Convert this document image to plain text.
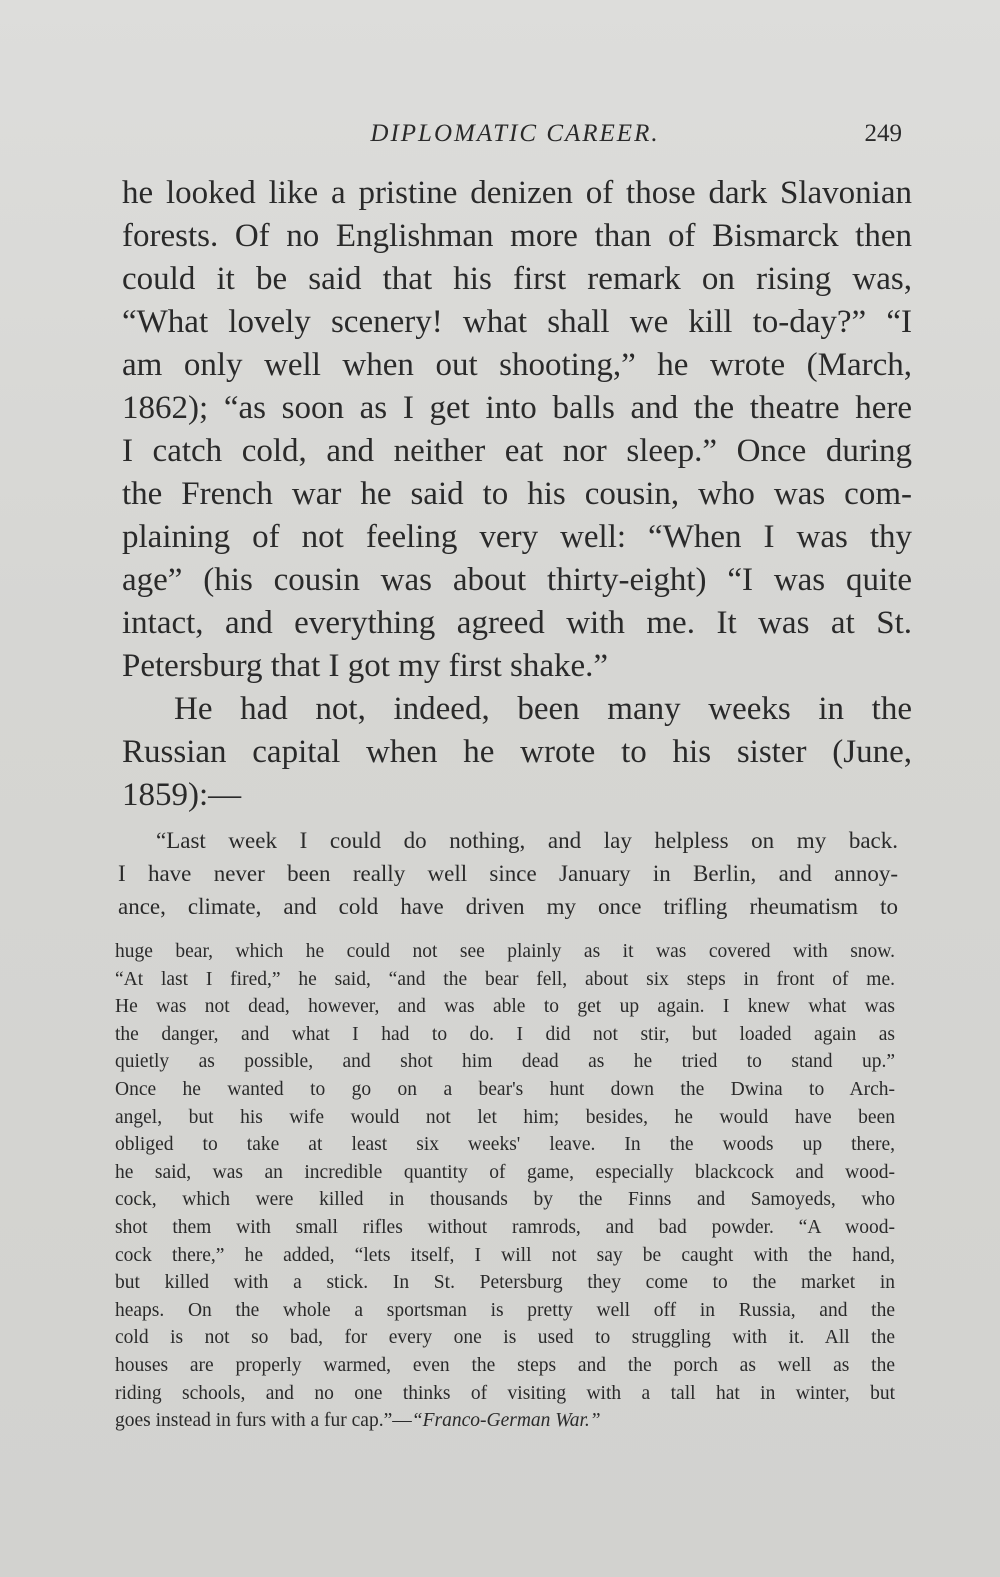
DIPLOMATIC CAREER.	249
he looked like a pristine denizen of those dark Slavonian
forests. Of no Englishman more than of Bismarck then
could it be said that his first remark on rising was,
“What lovely scenery! what shall we kill to-day?” “I
am only well when out shooting,” he wrote (March,
1862); “as soon as I get into balls and the theatre here
I catch cold, and neither eat nor sleep.” Once during
the French war he said to his cousin, who was com-
plaining of not feeling very well: “When I was thy
age” (his cousin was about thirty-eight) “I was quite
intact, and everything agreed with me. It was at St.
Petersburg that I got my first shake.”
He had not, indeed, been many weeks in the
Russian capital when he wrote to his sister (June,
1859):—
“Last week I could do nothing, and lay helpless on my back.
I have never been really well since January in Berlin, and annoy-
ance, climate, and cold have driven my once trifling rheumatism to
huge bear, which he could not see plainly as it was covered with snow.
“At last I fired,” he said, “and the bear fell, about six steps in front of me.
He was not dead, however, and was able to get up again. I knew what was
the danger, and what I had to do. I did not stir, but loaded again as
quietly as possible, and shot him dead as he tried to stand up.”
Once he wanted to go on a bear's hunt down the Dwina to Arch-
angel, but his wife would not let him; besides, he would have been
obliged to take at least six weeks' leave. In the woods up there,
he said, was an incredible quantity of game, especially blackcock and wood-
cock, which were killed in thousands by the Finns and Samoyeds, who
shot them with small rifles without ramrods, and bad powder. “A wood-
cock there,” he added, “lets itself, I will not say be caught with the hand,
but killed with a stick. In St. Petersburg they come to the market in
heaps. On the whole a sportsman is pretty well off in Russia, and the
cold is not so bad, for every one is used to struggling with it. All the
houses are properly warmed, even the steps and the porch as well as the
riding schools, and no one thinks of visiting with a tall hat in winter, but
goes instead in furs with a fur cap.”—“Franco-German War.”
